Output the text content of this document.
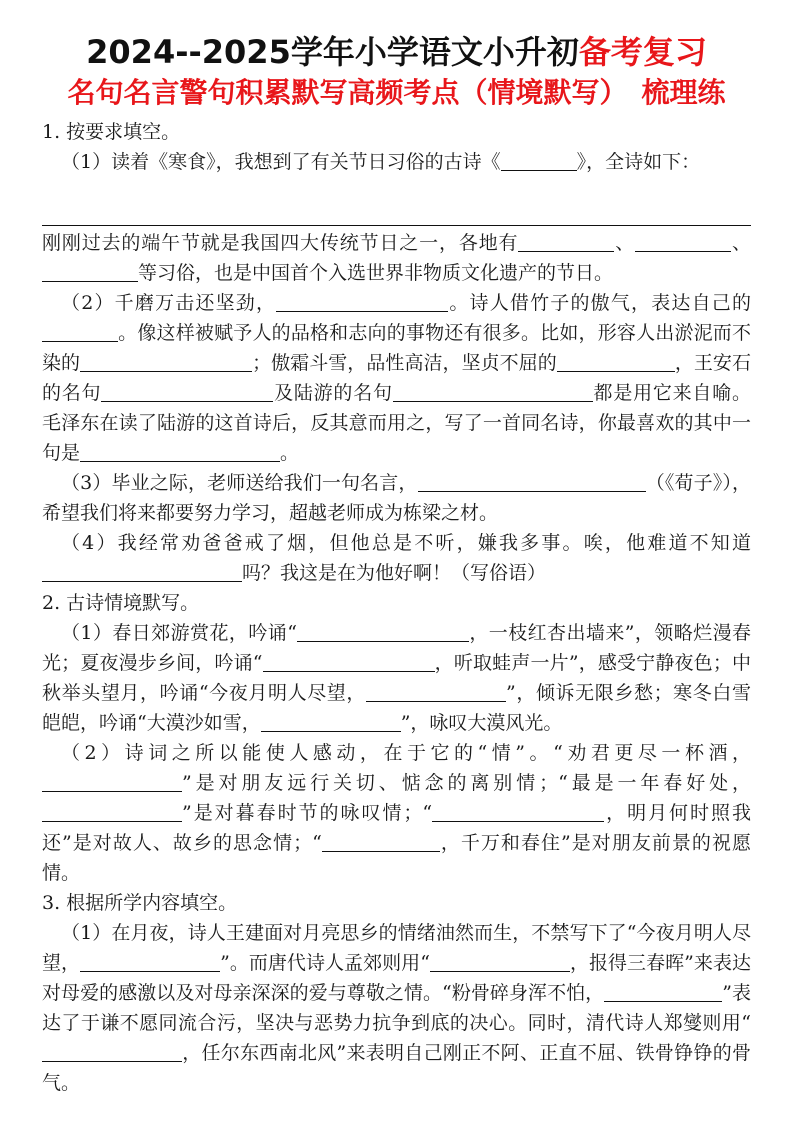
2024--2025学年小学语文小升初备考复习
名句名言警句积累默写高频考点（情境默写）　梳理练

1. 按要求填空。

（1）读着《寒食》，我想到了有关节日习俗的古诗《	》，全诗如下：

刚刚过去的端午节就是我国四大传统节日之一，各地有	、	、等习俗，也是中国首个入选世界非物质文化遗产的节日。

（2）千磨万击还坚劲，	。诗人借竹子的傲气，表达自己的。像这样被赋予人的品格和志向的事物还有很多。比如，形容人出淤泥而不染的	；傲霜斗雪，品性高洁，坚贞不屈的	，王安石的名句	及陆游的名句	都是用它来自喻。毛泽东在读了陆游的这首诗后，反其意而用之，写了一首同名诗，你最喜欢的其中一句是	。

（3）毕业之际，老师送给我们一句名言，	（《荀子》），希望我们将来都要努力学习，超越老师成为栋梁之材。

（4）我经常劝爸爸戒了烟，但他总是不听，嫌我多事。唉，他难道不知道吗？我这是在为他好啊！（写俗语）

2. 古诗情境默写。

（1）春日郊游赏花，吟诵“	，一枝红杏出墙来”，领略烂漫春光；夏夜漫步乡间，吟诵“	，听取蛙声一片”，感受宁静夜色；中秋举头望月，吟诵“今夜月明人尽望，	”，倾诉无限乡愁；寒冬白雪皑皑，吟诵“大漠沙如雪，	”，咏叹大漠风光。

（2）诗词之所以能使人感动，在于它的“情”。“劝君更尽一杯酒，”是对朋友远行关切、惦念的离别情；“最是一年春好处，”是对暮春时节的咏叹情；“	，明月何时照我还”是对故人、故乡的思念情；“	，千万和春住”是对朋友前景的祝愿情。

3. 根据所学内容填空。

（1）在月夜，诗人王建面对月亮思乡的情绪油然而生，不禁写下了“今夜月明人尽望，	”。而唐代诗人孟郊则用“	，报得三春晖”来表达对母爱的感激以及对母亲深深的爱与尊敬之情。“粉骨碎身浑不怕，	”表达了于谦不愿同流合污，坚决与恶势力抗争到底的决心。同时，清代诗人郑燮则用“，任尔东西南北风”来表明自己刚正不阿、正直不屈、铁骨铮铮的骨气。
